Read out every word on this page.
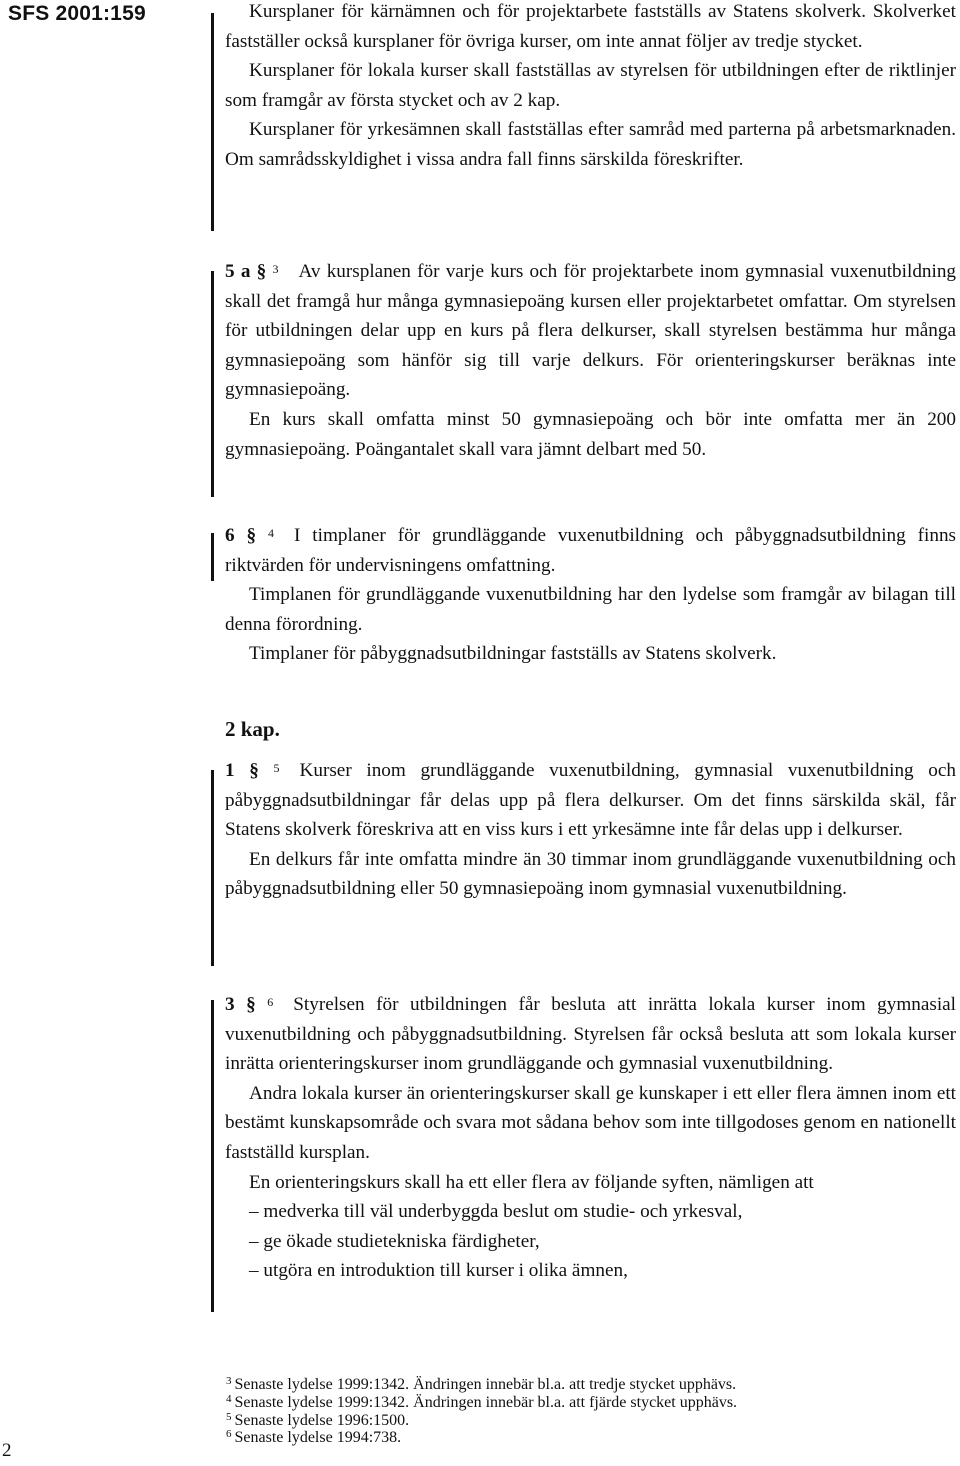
SFS 2001:159	Kursplaner för kärnämnen och för projektarbete fastställs av Statens skolverk. Skolverket fastställer också kursplaner för övriga kurser, om inte annat följer av tredje stycket.

Kursplaner för lokala kurser skall fastställas av styrelsen för utbildningen efter de riktlinjer som framgår av första stycket och av 2 kap.

Kursplaner för yrkesämnen skall fastställas efter samråd med parterna på arbetsmarknaden. Om samrådsskyldighet i vissa andra fall finns särskilda föreskrifter.

5 a § $^3$ Av kursplanen för varje kurs och för projektarbete inom gymnasial vuxenutbildning skall det framgå hur många gymnasiepoäng kursen eller projektarbetet omfattar. Om styrelsen för utbildningen delar upp en kurs på flera delkurser, skall styrelsen bestämma hur många gymnasiepoäng som hänför sig till varje delkurs. För orienteringskurser beräknas inte gymnasiepoäng.

En kurs skall omfatta minst 50 gymnasiepoäng och bör inte omfatta mer än 200 gymnasiepoäng. Poängantalet skall vara jämnt delbart med 50.

6 § $^4$ I timplaner för grundläggande vuxenutbildning och påbyggnadsutbildning finns riktvärden för undervisningens omfattning.

Timplanen för grundläggande vuxenutbildning har den lydelse som framgår av bilagan till denna förordning.

Timplaner för påbyggnadsutbildningar fastställs av Statens skolverk.

2 kap.

1 § $^5$ Kurser inom grundläggande vuxenutbildning, gymnasial vuxenutbildning och påbyggnadsutbildningar får delas upp på flera delkurser. Om det finns särskilda skäl, får Statens skolverk föreskriva att en viss kurs i ett yrkesämne inte får delas upp i delkurser.

En delkurs får inte omfatta mindre än 30 timmar inom grundläggande vuxenutbildning och påbyggnadsutbildning eller 50 gymnasiepoäng inom gymnasial vuxenutbildning.

3 § $^6$ Styrelsen för utbildningen får besluta att inrätta lokala kurser inom gymnasial vuxenutbildning och påbyggnadsutbildning. Styrelsen får också besluta att som lokala kurser inrätta orienteringskurser inom grundläggande och gymnasial vuxenutbildning.

Andra lokala kurser än orienteringskurser skall ge kunskaper i ett eller flera ämnen inom ett bestämt kunskapsområde och svara mot sådana behov som inte tillgodoses genom en nationellt fastställd kursplan.

En orienteringskurs skall ha ett eller flera av följande syften, nämligen att

– medverka till väl underbyggda beslut om studie- och yrkesval,

– ge ökade studietekniska färdigheter,

– utgöra en introduktion till kurser i olika ämnen,

$^3$ Senaste lydelse 1999:1342. Ändringen innebär bl.a. att tredje stycket upphävs.
$^4$ Senaste lydelse 1999:1342. Ändringen innebär bl.a. att fjärde stycket upphävs.
$^5$ Senaste lydelse 1996:1500.
$^6$ Senaste lydelse 1994:738.
2
